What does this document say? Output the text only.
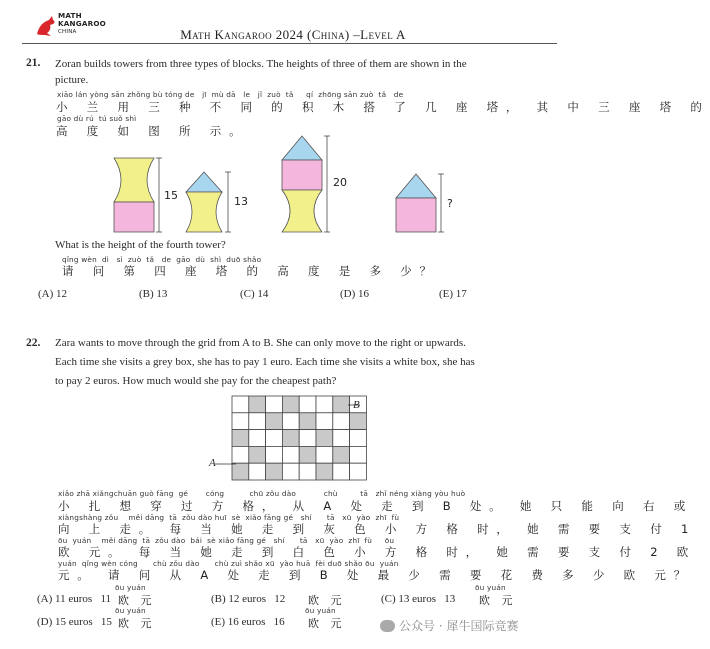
MATH
KANGAROO
CHINA	Math Kangaroo 2024 (China) –Level A
21. Zoran builds towers from three types of blocks. The heights of three of them are shown in the
picture.
xiāo lán yòng sān zhǒng bù tóng de   jī  mù dā   le   jǐ  zuò  tǎ     qí  zhōng sān zuò  tǎ   de
小 兰 用 三 种 不 同 的 积 木 搭 了 几 座 塔， 其 中 三 座 塔 的
gāo dù rú  tú suǒ shì
高 度 如 图 所 示。
15	13
20
?
What is the height of the fourth tower?
qǐng wèn  dì   sì  zuò  tǎ   de  gāo  dù  shì  duō shǎo
请 问 第 四 座 塔 的 高 度 是 多 少？
(A) 12	(B) 13	(C) 14	(D) 16	(E) 17
22. Zara wants to move through the grid from A to B. She can only move to the right or upwards.
Each time she visits a grey box, she has to pay 1 euro. Each time she visits a white box, she has
to pay 2 euros. How much would she pay for the cheapest path?
B
A
xiǎo zhā xiǎngchuān guò fāng  gé       cóng          chū zǒu dào           chù         tā   zhǐ néng xiàng yòu huò
小 扎 想 穿 过 方 格， 从 A 处 走 到 B 处。 她 只 能 向 右 或
xiàngshàng zǒu    měi dāng  tā  zǒu dào huī  sè  xiǎo fāng gé   shí      tā   xū  yào  zhī  fù
向 上 走。 每 当 她 走 到 灰 色 小 方 格 时， 她 需 要 支 付 1
ōu  yuán    měi dāng  tā  zǒu dào  bái  sè xiǎo fāng gé   shí      tā   xū  yào  zhī  fù     ōu
欧 元。 每 当 她 走 到 白 色 小 方 格 时， 她 需 要 支 付 2 欧
yuán  qǐng wèn cóng      chù zǒu dào      chù zuì shǎo xū  yào huā  fèi duō shǎo ōu  yuán
元。 请 问 从 A 处 走 到 B 处 最 少 需 要 花 费 多 少 欧 元？
ōu yuán
(A) 11 euros 11 欧 元	(B) 12 euros 12 欧 元
ōu yuán
(C) 13 euros 13 欧 元
ōu yuán
(D) 15 euros 15 欧 元
ōu yuán
(E) 16 euros 16 欧 元	公众号 · 犀牛国际竞赛
